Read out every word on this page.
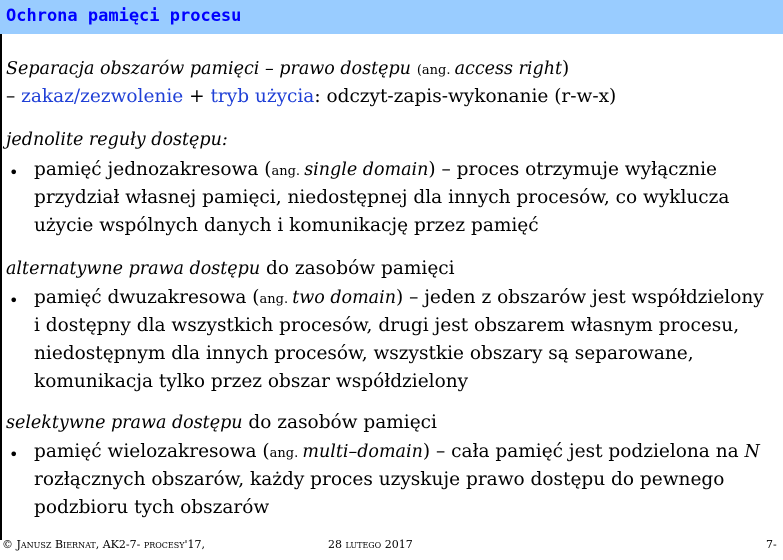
Ochrona pamięci procesu
Separacja obszarów pamięci – prawo dostępu (ang. access right)
– zakaz/zezwolenie + tryb użycia: odczyt-zapis-wykonanie (r-w-x)
jednolite reguły dostępu:
• pamięć jednozakresowa (ang. single domain) – proces otrzymuje wyłącznie
przydział własnej pamięci, niedostępnej dla innych procesów, co wyklucza
użycie wspólnych danych i komunikację przez pamięć
alternatywne prawa dostępu do zasobów pamięci
• pamięć dwuzakresowa (ang. two domain) – jeden z obszarów jest współdzielony
i dostępny dla wszystkich procesów, drugi jest obszarem własnym procesu,
niedostępnym dla innych procesów, wszystkie obszary są separowane,
komunikacja tylko przez obszar współdzielony
selektywne prawa dostępu do zasobów pamięci
• pamięć wielozakresowa (ang. multi–domain) – cała pamięć jest podzielona na N
rozłącznych obszarów, każdy proces uzyskuje prawo dostępu do pewnego
podzbioru tych obszarów
© Janusz Biernat, AK2-7- procesy'17,	28 lutego 2017	7-
